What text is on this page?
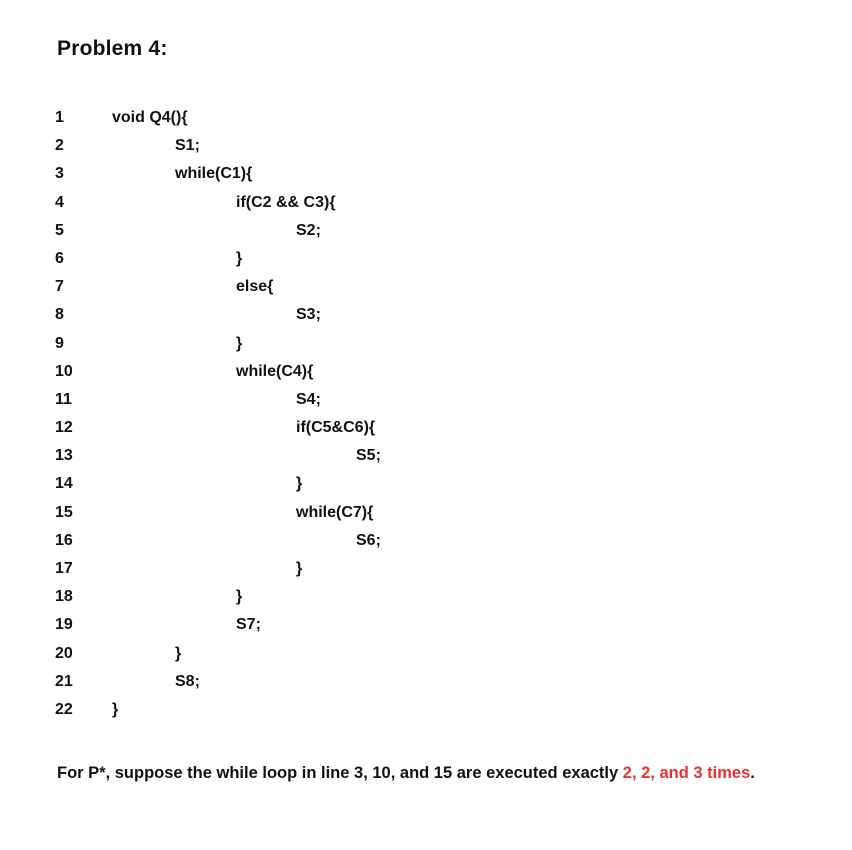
Problem 4:
1	void Q4(){
2	S1;
3	while(C1){
4	if(C2 && C3){
5	S2;
6	}
7	else{
8	S3;
9	}
10	while(C4){
11	S4;
12	if(C5&C6){
13	S5;
14	}
15	while(C7){
16	S6;
17	}
18	}
19	S7;
20	}
21	S8;
22 }
For P*, suppose the while loop in line 3, 10, and 15 are executed exactly 2, 2, and 3 times.
